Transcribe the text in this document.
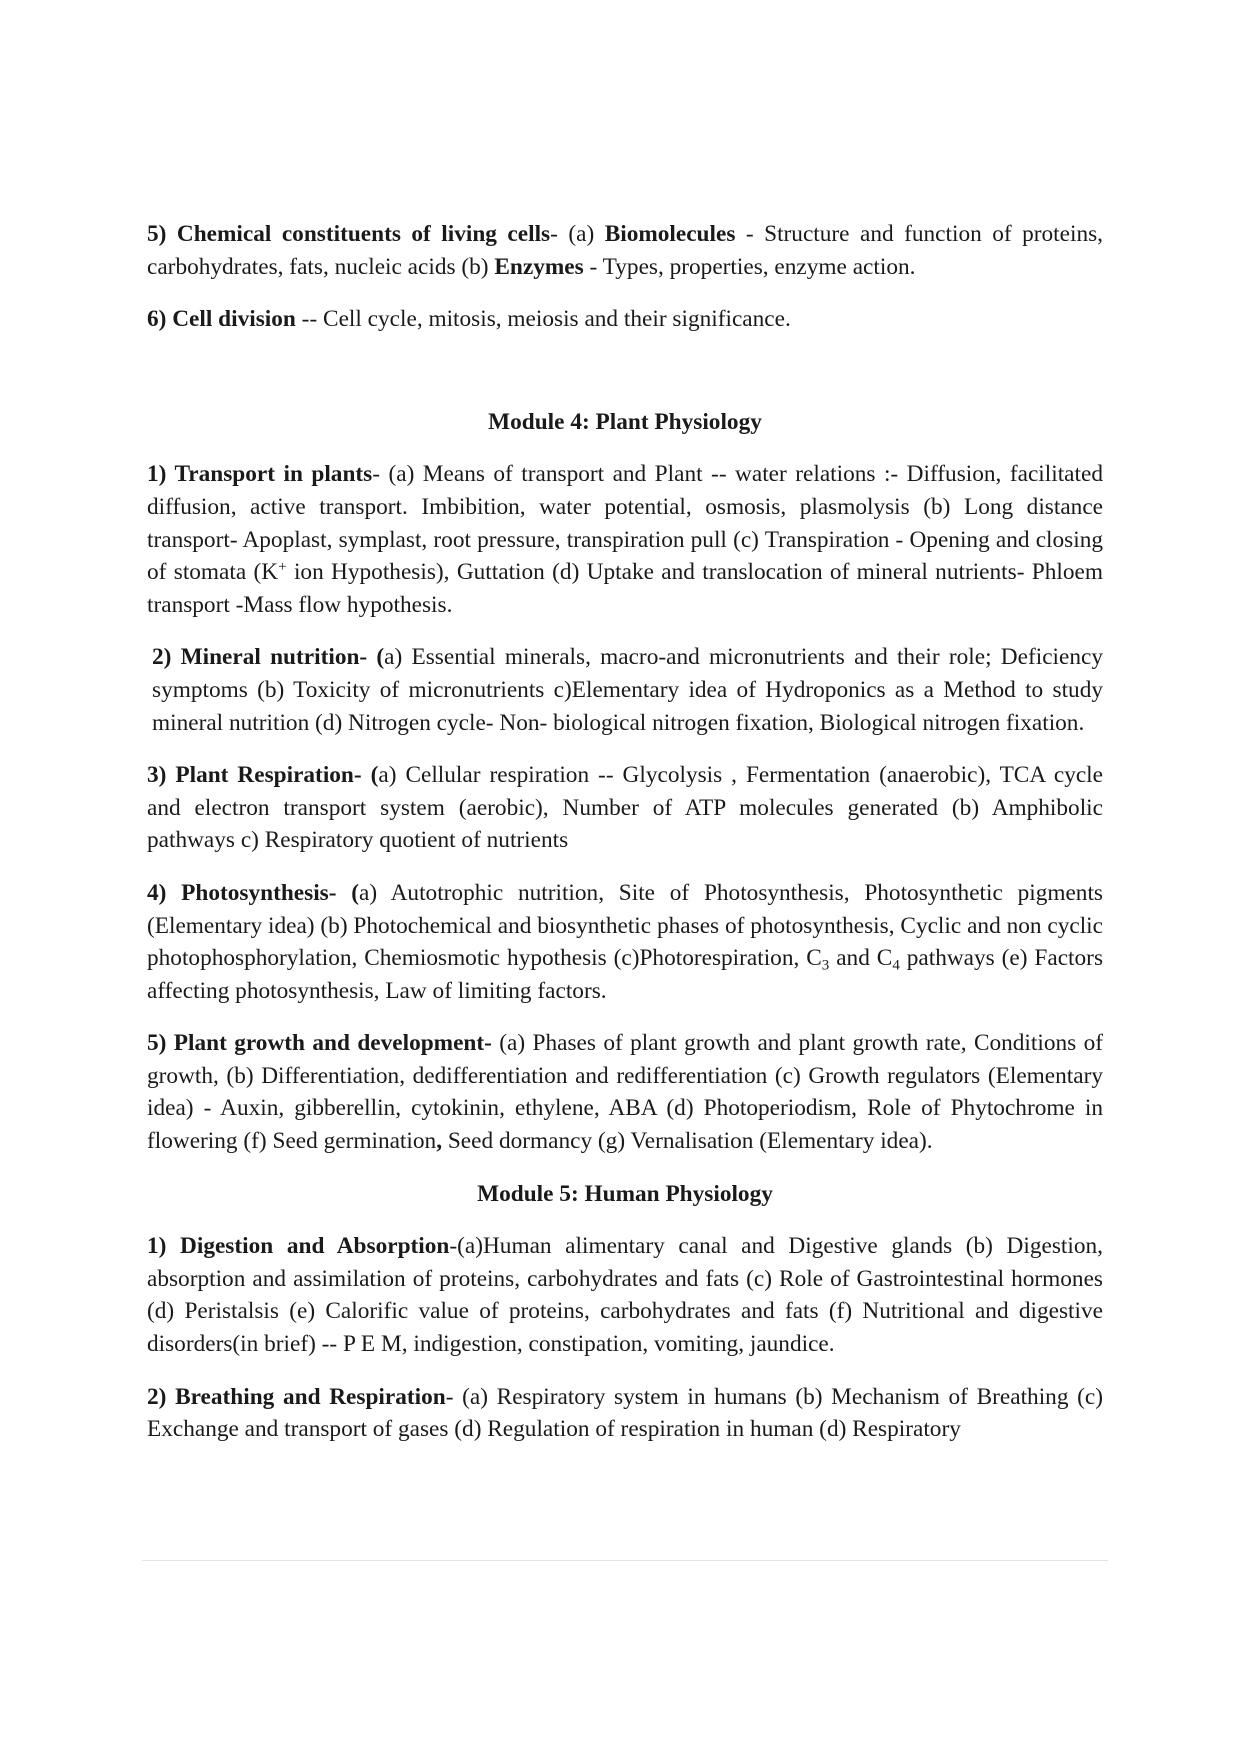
5) Chemical constituents of living cells- (a) Biomolecules - Structure and function of proteins, carbohydrates, fats, nucleic acids (b) Enzymes - Types, properties, enzyme action.

6) Cell division -- Cell cycle, mitosis, meiosis and their significance.

Module 4: Plant Physiology

1) Transport in plants- (a) Means of transport and Plant -- water relations :- Diffusion, facilitated diffusion, active transport. Imbibition, water potential, osmosis, plasmolysis (b) Long distance transport- Apoplast, symplast, root pressure, transpiration pull (c) Transpiration - Opening and closing of stomata (K+ ion Hypothesis), Guttation (d) Uptake and translocation of mineral nutrients- Phloem transport -Mass flow hypothesis.

2) Mineral nutrition- (a) Essential minerals, macro-and micronutrients and their role; Deficiency symptoms (b) Toxicity of micronutrients c)Elementary idea of Hydroponics as a Method to study mineral nutrition (d) Nitrogen cycle- Non- biological nitrogen fixation, Biological nitrogen fixation.

3) Plant Respiration- (a) Cellular respiration -- Glycolysis , Fermentation (anaerobic), TCA cycle and electron transport system (aerobic), Number of ATP molecules generated (b) Amphibolic pathways c) Respiratory quotient of nutrients

4) Photosynthesis- (a) Autotrophic nutrition, Site of Photosynthesis, Photosynthetic pigments (Elementary idea) (b) Photochemical and biosynthetic phases of photosynthesis, Cyclic and non cyclic photophosphorylation, Chemiosmotic hypothesis (c)Photorespiration, $C_3$ and $C_4$ pathways (e) Factors affecting photosynthesis, Law of limiting factors.

5) Plant growth and development- (a) Phases of plant growth and plant growth rate, Conditions of growth, (b) Differentiation, dedifferentiation and redifferentiation (c) Growth regulators (Elementary idea) - Auxin, gibberellin, cytokinin, ethylene, ABA (d) Photoperiodism, Role of Phytochrome in flowering (f) Seed germination, Seed dormancy (g) Vernalisation (Elementary idea).

Module 5: Human Physiology

1) Digestion and Absorption-(a)Human alimentary canal and Digestive glands (b) Digestion, absorption and assimilation of proteins, carbohydrates and fats (c) Role of Gastrointestinal hormones (d) Peristalsis (e) Calorific value of proteins, carbohydrates and fats (f) Nutritional and digestive disorders(in brief) -- P E M, indigestion, constipation, vomiting, jaundice.

2) Breathing and Respiration- (a) Respiratory system in humans (b) Mechanism of Breathing (c) Exchange and transport of gases (d) Regulation of respiration in human (d) Respiratory
